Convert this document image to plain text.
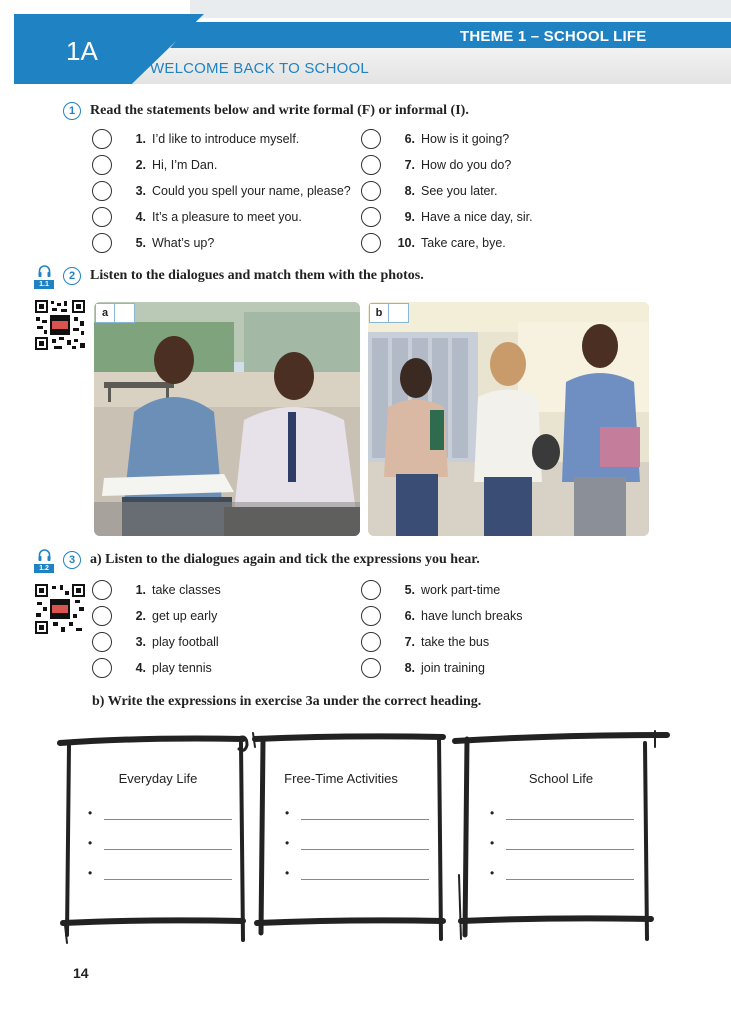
1A	THEME 1 – SCHOOL LIFE
WELCOME BACK TO SCHOOL
1	Read the statements below and write formal (F) or informal (I).
1. I’d like to introduce myself.
2. Hi, I’m Dan.
3. Could you spell your name, please?
4. It’s a pleasure to meet you.
5. What’s up?
6. How is it going?
7. How do you do?
8. See you later.
9. Have a nice day, sir.
10. Take care, bye.
1.1
2	Listen to the dialogues and match them with the photos.
a	b
1.2
3	a) Listen to the dialogues again and tick the expressions you hear.
1. take classes
2. get up early
3. play football
4. play tennis
5. work part-time
6. have lunch breaks
7. take the bus
8. join training
b) Write the expressions in exercise 3a under the correct heading.
Everyday Life	Free-Time Activities	School Life
•
•
•
•
•
•
•
•
•
14
